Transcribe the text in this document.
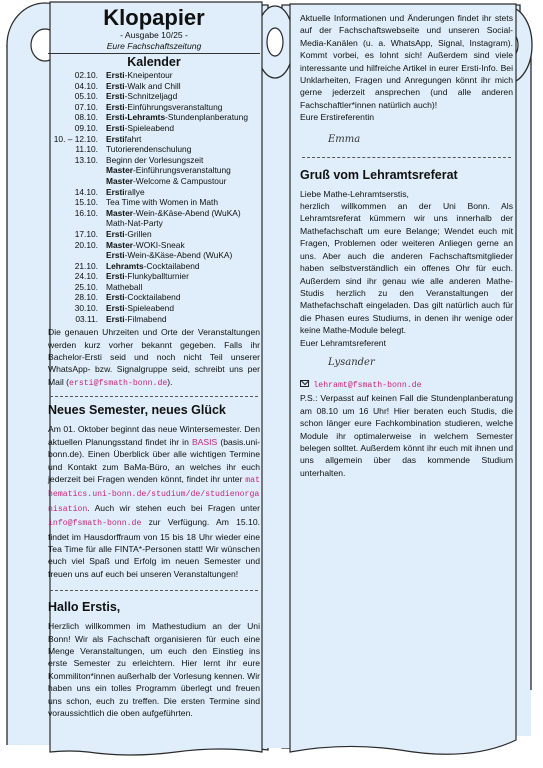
Klopapier
- Ausgabe 10/25 -
Eure Fachschaftszeitung
Kalender
02.10. Ersti-Kneipentour
04.10. Ersti-Walk and Chill
05.10. Ersti-Schnitzeljagd
07.10. Ersti-Einführungsveranstaltung
08.10. Ersti-Lehramts-Stundenplanberatung
09.10. Ersti-Spieleabend
10. – 12.10. Erstifahrt
11.10. Tutorierendenschulung
13.10. Beginn der Vorlesungszeit
Master-Einführungsveranstaltung
Master-Welcome & Campustour
14.10. Erstirallye
15.10. Tea Time with Women in Math
16.10. Master-Wein-&Käse-Abend (WuKA)
Math-Nat-Party
17.10. Ersti-Grillen
20.10. Master-WOKI-Sneak
Ersti-Wein-&Käse-Abend (WuKA)
21.10. Lehramts-Cocktailabend
24.10. Ersti-Flunkyballturnier
25.10. Matheball
28.10. Ersti-Cocktailabend
30.10. Ersti-Spieleabend
03.11. Ersti-Filmabend
Die genauen Uhrzeiten und Orte der Veranstaltungen werden kurz vorher bekannt gegeben. Falls ihr Bachelor-Ersti seid und noch nicht Teil unserer WhatsApp- bzw. Signalgruppe seid, schreibt uns per Mail (ersti@fsmath-bonn.de).
Neues Semester, neues Glück
Am 01. Oktober beginnt das neue Wintersemester. Den aktuellen Planungsstand findet ihr in BASIS (basis.uni-bonn.de). Einen Überblick über alle wichtigen Termine und Kontakt zum BaMa-Büro, an welches ihr euch jederzeit bei Fragen wenden könnt, findet ihr unter mathematics.uni-bonn.de/studium/de/studienorganisation. Auch wir stehen euch bei Fragen unter info@fsmath-bonn.de zur Verfügung. Am 15.10. findet im Hausdorffraum von 15 bis 18 Uhr wieder eine Tea Time für alle FINTA*-Personen statt! Wir wünschen euch viel Spaß und Erfolg im neuen Semester und freuen uns auf euch bei unseren Veranstaltungen!
Hallo Erstis,
Herzlich willkommen im Mathestudium an der Uni Bonn! Wir als Fachschaft organisieren für euch eine Menge Veranstaltungen, um euch den Einstieg ins erste Semester zu erleichtern. Hier lernt ihr eure Kommiliton*innen außerhalb der Vorlesung kennen. Wir haben uns ein tolles Programm überlegt und freuen uns schon, euch zu treffen. Die ersten Termine sind voraussichtlich die oben aufgeführten.
Aktuelle Informationen und Änderungen findet ihr stets auf der Fachschaftswebseite und unseren Social-Media-Kanälen (u. a. WhatsApp, Signal, Instagram). Kommt vorbei, es lohnt sich! Außerdem sind viele interessante und hilfreiche Artikel in eurer Ersti-Info. Bei Unklarheiten, Fragen und Anregungen könnt ihr mich gerne jederzeit ansprechen (und alle anderen Fachschaftler*innen natürlich auch)!
Eure Erstireferentin
Emma
Gruß vom Lehramtsreferat
Liebe Mathe-Lehramtserstis,
herzlich willkommen an der Uni Bonn. Als Lehramtsreferat kümmern wir uns innerhalb der Mathefachschaft um eure Belange; Wendet euch mit Fragen, Problemen oder weiteren Anliegen gerne an uns. Aber auch die anderen Fachschaftsmitglieder haben selbstverständlich ein offenes Ohr für euch. Außerdem sind ihr genau wie alle anderen Mathe-Studis herzlich zu den Veranstaltungen der Mathefachschaft eingeladen. Das gilt natürlich auch für die Phasen eures Studiums, in denen ihr wenige oder keine Mathe-Module belegt.
Euer Lehramtsreferent
Lysander
lehramt@fsmath-bonn.de
P.S.: Verpasst auf keinen Fall die Stundenplanberatung am 08.10 um 16 Uhr! Hier beraten euch Studis, die schon länger eure Fachkombination studieren, welche Module ihr optimalerweise in welchem Semester belegen solltet. Außerdem könnt ihr euch mit ihnen und uns allgemein über das kommende Studium unterhalten.
